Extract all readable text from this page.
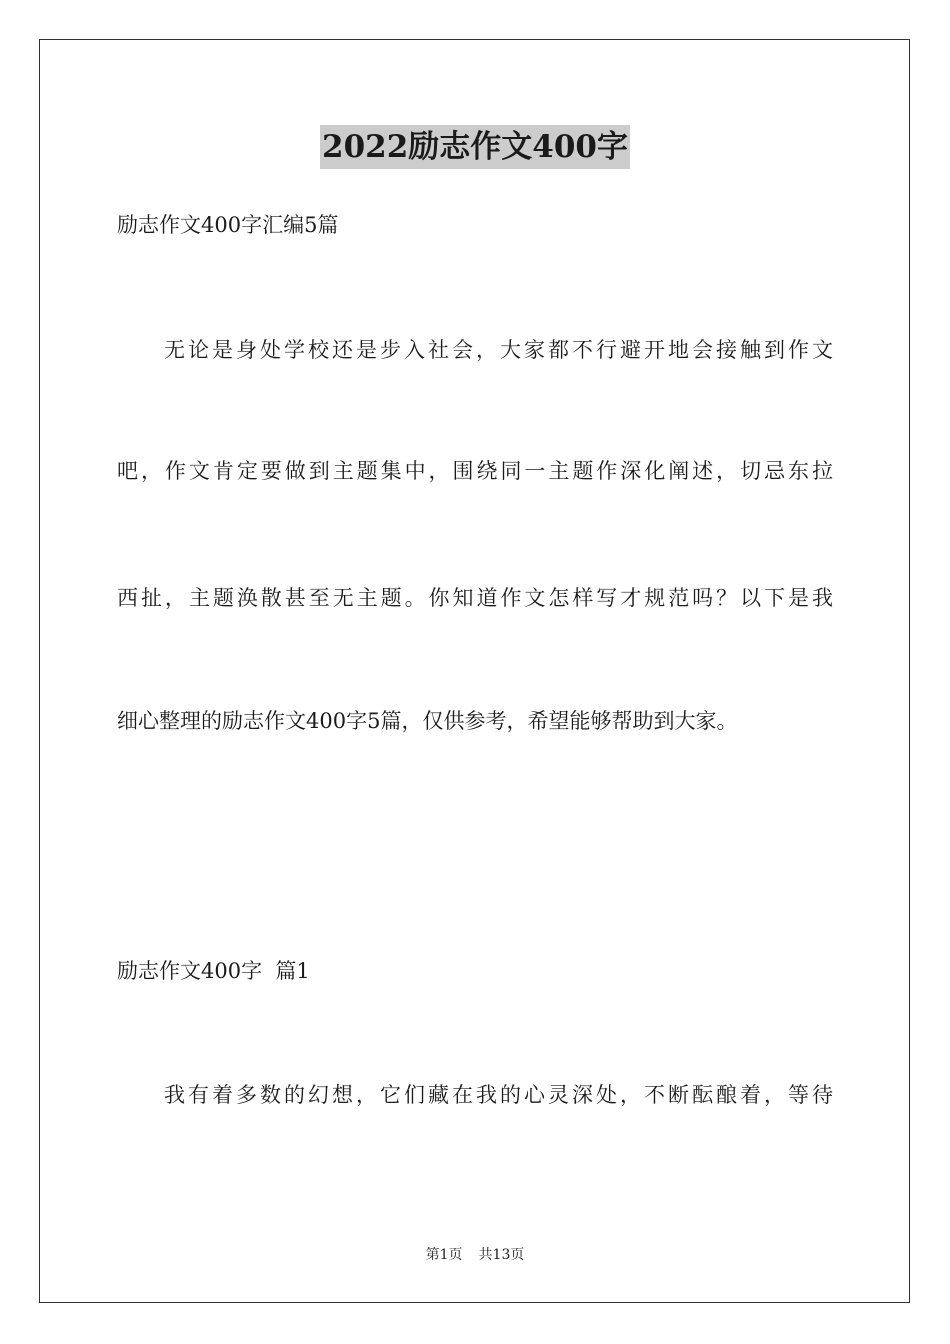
2022励志作文400字
励志作文400字汇编5篇
无论是身处学校还是步入社会，大家都不行避开地会接触到作文
吧，作文肯定要做到主题集中，围绕同一主题作深化阐述，切忌东拉
西扯，主题涣散甚至无主题。你知道作文怎样写才规范吗？以下是我
细心整理的励志作文400字5篇，仅供参考，希望能够帮助到大家。
励志作文400字  篇1
我有着多数的幻想，它们藏在我的心灵深处，不断酝酿着，等待
第1页 共13页
